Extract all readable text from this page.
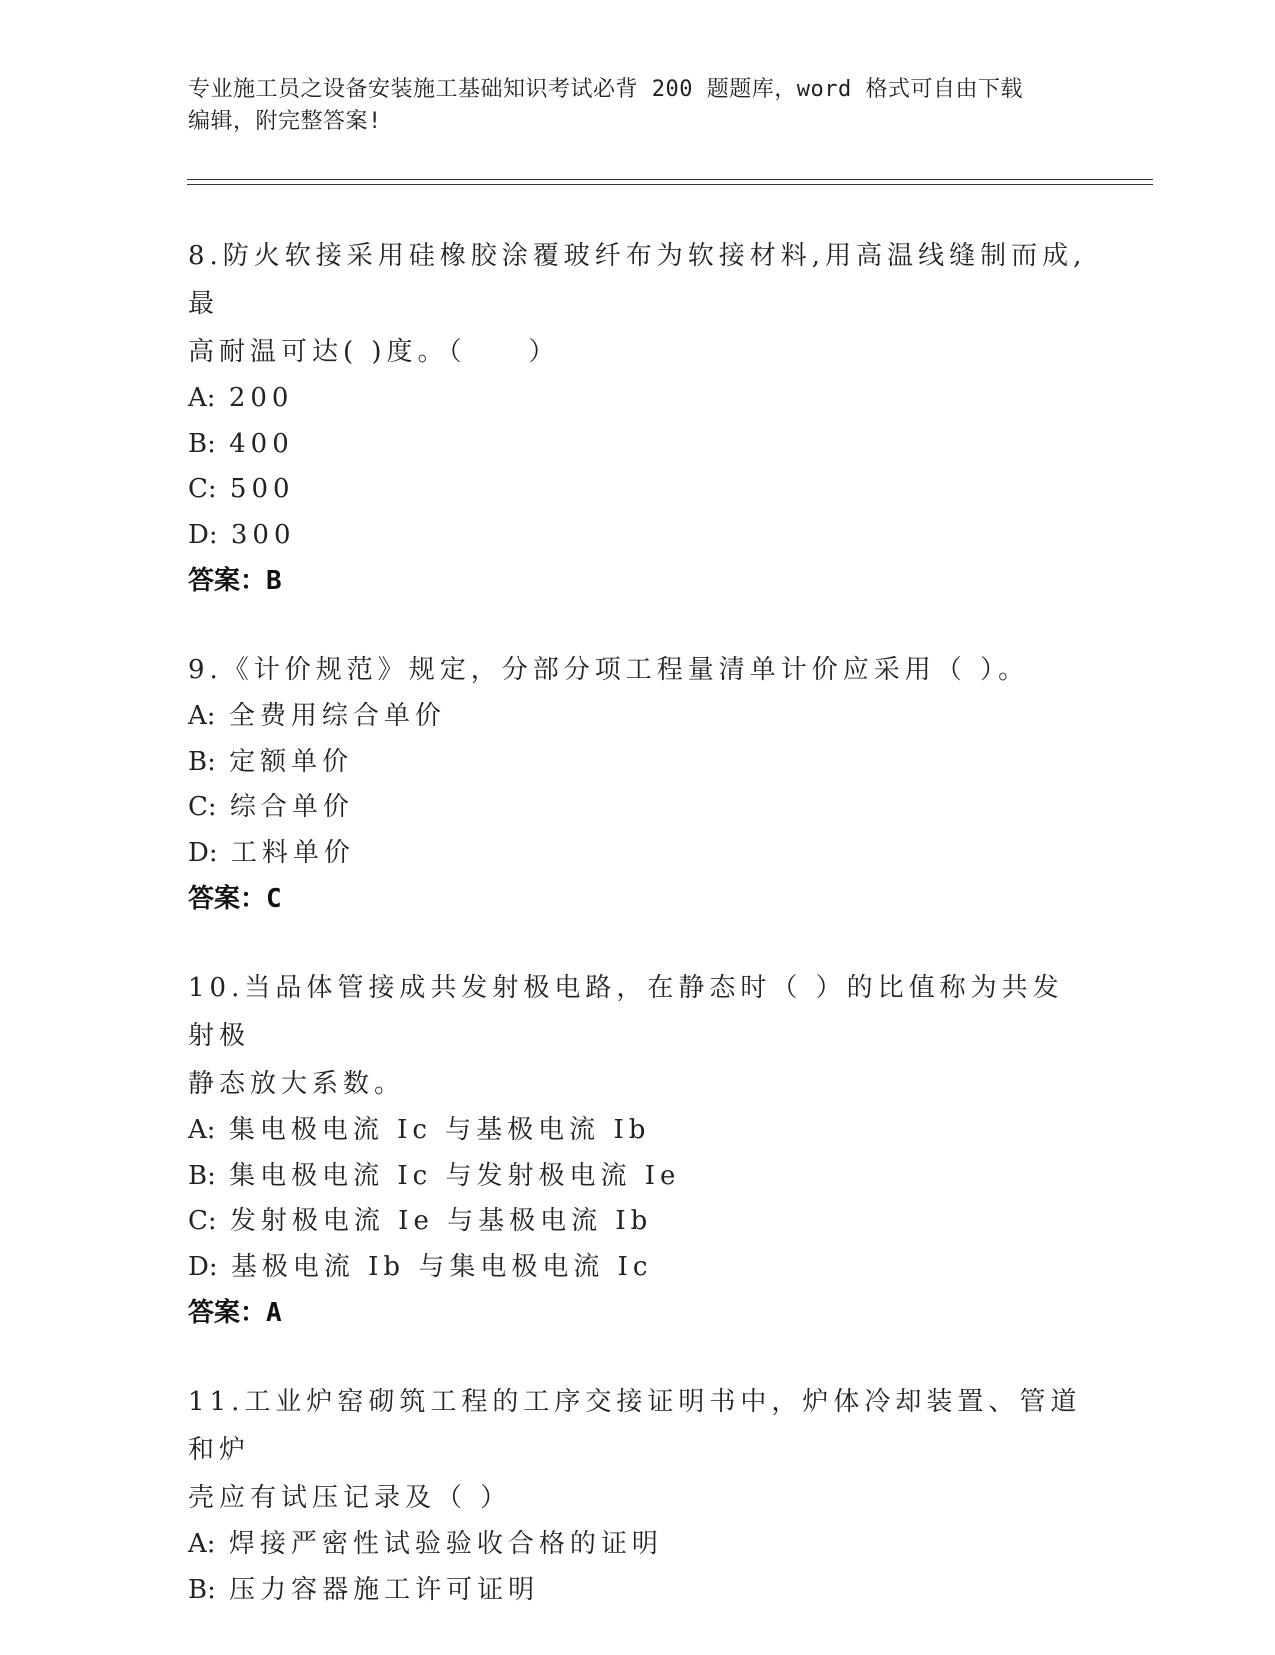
专业施工员之设备安装施工基础知识考试必背 200 题题库，word 格式可自由下载
编辑，附完整答案!
8.防火软接采用硅橡胶涂覆玻纤布为软接材料,用高温线缝制而成,最
高耐温可达( )度。（　　）
A: 200
B: 400
C: 500
D: 300
答案：B
9.《计价规范》规定，分部分项工程量清单计价应采用（ ）。
A: 全费用综合单价
B: 定额单价
C: 综合单价
D: 工料单价
答案：C
10.当品体管接成共发射极电路，在静态时（ ）的比值称为共发射极
静态放大系数。
A: 集电极电流 Ic 与基极电流 Ib
B: 集电极电流 Ic 与发射极电流 Ie
C: 发射极电流 Ie 与基极电流 Ib
D: 基极电流 Ib 与集电极电流 Ic
答案：A
11.工业炉窑砌筑工程的工序交接证明书中，炉体冷却装置、管道和炉
壳应有试压记录及（ ）
A: 焊接严密性试验验收合格的证明
B: 压力容器施工许可证明
